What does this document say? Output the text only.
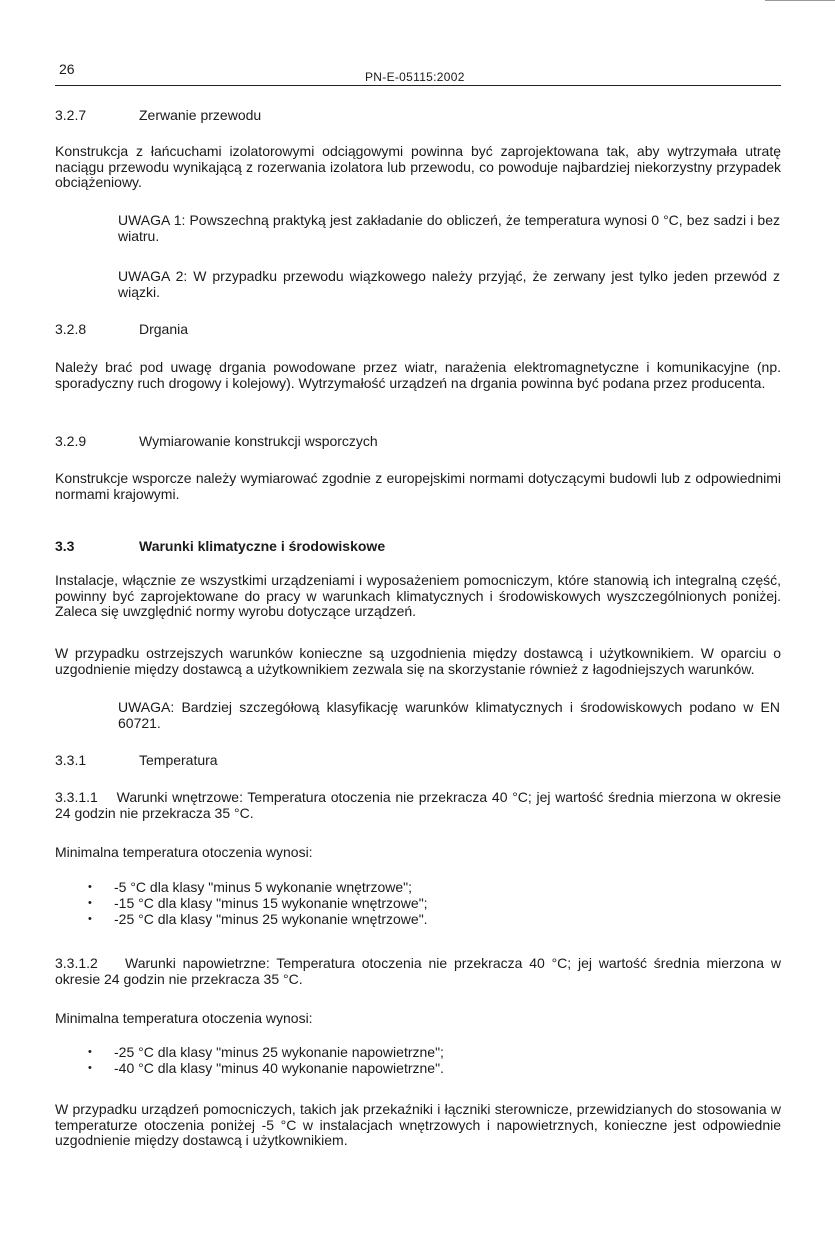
26	PN-E-05115:2002
3.2.7	Zerwanie przewodu

Konstrukcja z łańcuchami izolatorowymi odciągowymi powinna być zaprojektowana tak, aby wytrzymała utratę naciągu przewodu wynikającą z rozerwania izolatora lub przewodu, co powoduje najbardziej niekorzystny przypadek obciążeniowy.

UWAGA 1: Powszechną praktyką jest zakładanie do obliczeń, że temperatura wynosi 0 °C, bez sadzi i bez wiatru.

UWAGA 2: W przypadku przewodu wiązkowego należy przyjąć, że zerwany jest tylko jeden przewód z wiązki.

3.2.8	Drgania

Należy brać pod uwagę drgania powodowane przez wiatr, narażenia elektromagnetyczne i komunikacyjne (np. sporadyczny ruch drogowy i kolejowy). Wytrzymałość urządzeń na drgania powinna być podana przez producenta.

3.2.9	Wymiarowanie konstrukcji wsporczych

Konstrukcje wsporcze należy wymiarować zgodnie z europejskimi normami dotyczącymi budowli lub z odpowiednimi normami krajowymi.

3.3	Warunki klimatyczne i środowiskowe

Instalacje, włącznie ze wszystkimi urządzeniami i wyposażeniem pomocniczym, które stanowią ich integralną część, powinny być zaprojektowane do pracy w warunkach klimatycznych i środowiskowych wyszczególnionych poniżej. Zaleca się uwzględnić normy wyrobu dotyczące urządzeń.

W przypadku ostrzejszych warunków konieczne są uzgodnienia między dostawcą i użytkownikiem. W oparciu o uzgodnienie między dostawcą a użytkownikiem zezwala się na skorzystanie również z łagodniejszych warunków.

UWAGA: Bardziej szczegółową klasyfikację warunków klimatycznych i środowiskowych podano w EN 60721.

3.3.1	Temperatura

3.3.1.1 Warunki wnętrzowe: Temperatura otoczenia nie przekracza 40 °C; jej wartość średnia mierzona w okresie 24 godzin nie przekracza 35 °C.

Minimalna temperatura otoczenia wynosi:

• -5 °C dla klasy "minus 5 wykonanie wnętrzowe";
• -15 °C dla klasy "minus 15 wykonanie wnętrzowe";
• -25 °C dla klasy "minus 25 wykonanie wnętrzowe".

3.3.1.2 Warunki napowietrzne: Temperatura otoczenia nie przekracza 40 °C; jej wartość średnia mierzona w okresie 24 godzin nie przekracza 35 °C.

Minimalna temperatura otoczenia wynosi:

• -25 °C dla klasy "minus 25 wykonanie napowietrzne";
• -40 °C dla klasy "minus 40 wykonanie napowietrzne".

W przypadku urządzeń pomocniczych, takich jak przekaźniki i łączniki sterownicze, przewidzianych do stosowania w temperaturze otoczenia poniżej -5 °C w instalacjach wnętrzowych i napowietrznych, konieczne jest odpowiednie uzgodnienie między dostawcą i użytkownikiem.
